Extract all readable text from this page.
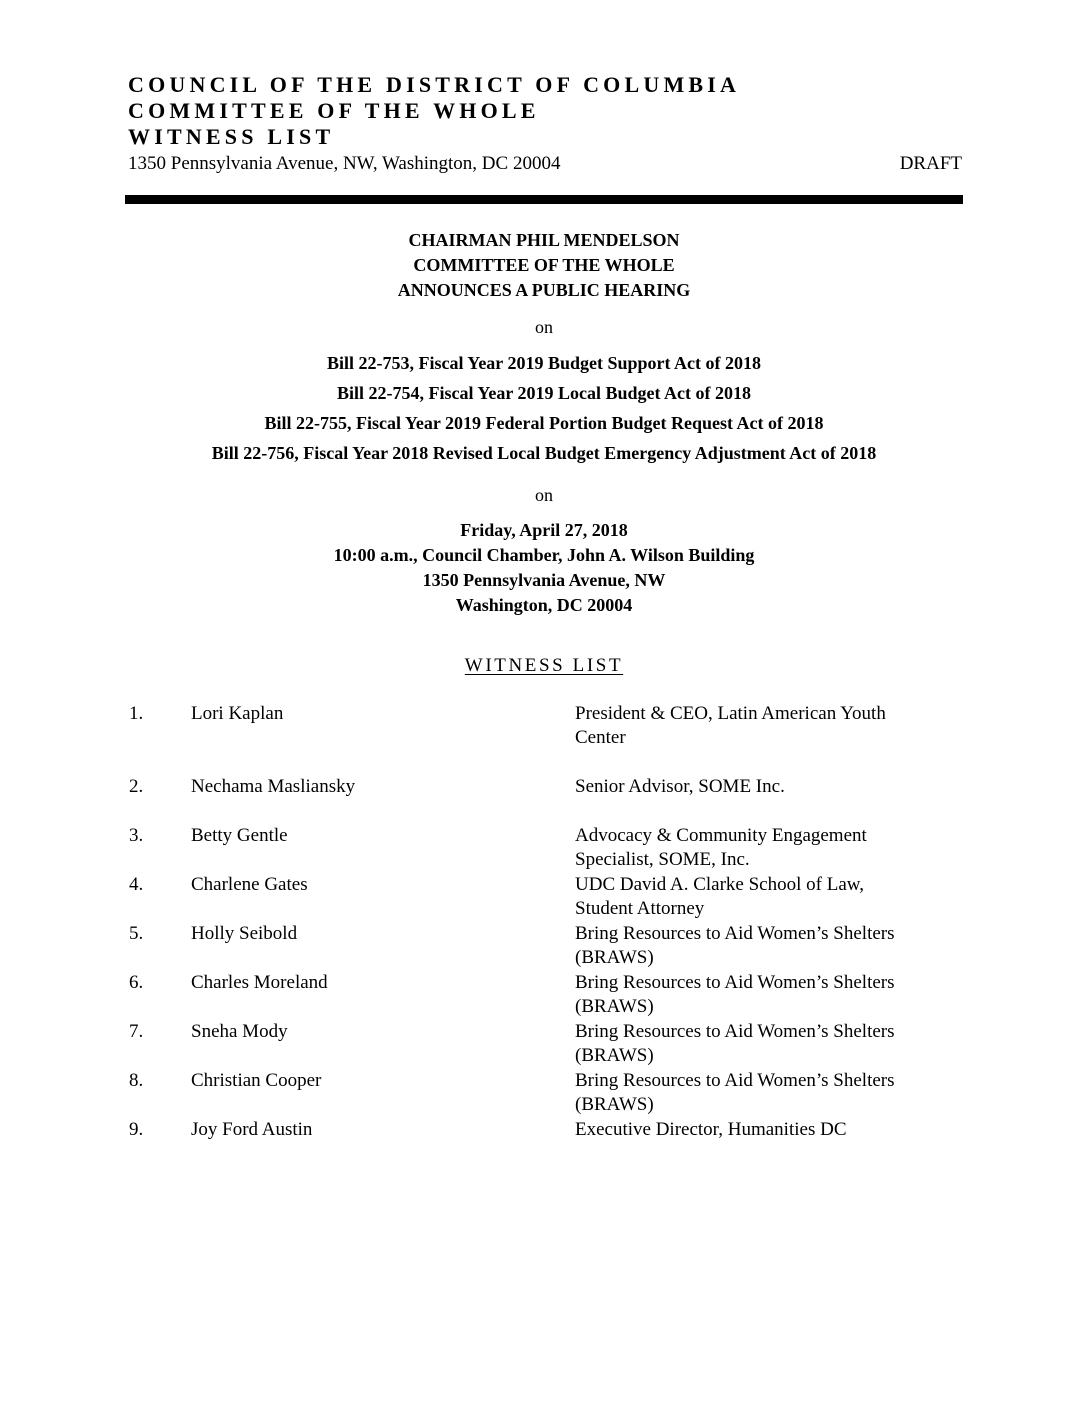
COUNCIL OF THE DISTRICT OF COLUMBIA
COMMITTEE OF THE WHOLE
WITNESS LIST
1350 Pennsylvania Avenue, NW, Washington, DC 20004	DRAFT
CHAIRMAN PHIL MENDELSON
COMMITTEE OF THE WHOLE
ANNOUNCES A PUBLIC HEARING
on
Bill 22-753, Fiscal Year 2019 Budget Support Act of 2018
Bill 22-754, Fiscal Year 2019 Local Budget Act of 2018
Bill 22-755, Fiscal Year 2019 Federal Portion Budget Request Act of 2018
Bill 22-756, Fiscal Year 2018 Revised Local Budget Emergency Adjustment Act of 2018
on
Friday, April 27, 2018
10:00 a.m., Council Chamber, John A. Wilson Building
1350 Pennsylvania Avenue, NW
Washington, DC 20004
WITNESS LIST
1.	Lori Kaplan	President & CEO, Latin American Youth
Center
2.	Nechama Masliansky	Senior Advisor, SOME Inc.

3.	Betty Gentle	Advocacy & Community Engagement
Specialist, SOME, Inc.
4.	Charlene Gates	UDC David A. Clarke School of Law,
Student Attorney
5.	Holly Seibold	Bring Resources to Aid Women’s Shelters
(BRAWS)
6.	Charles Moreland	Bring Resources to Aid Women’s Shelters
(BRAWS)
7.	Sneha Mody	Bring Resources to Aid Women’s Shelters
(BRAWS)
8.	Christian Cooper	Bring Resources to Aid Women’s Shelters
(BRAWS)
9.	Joy Ford Austin	Executive Director, Humanities DC
